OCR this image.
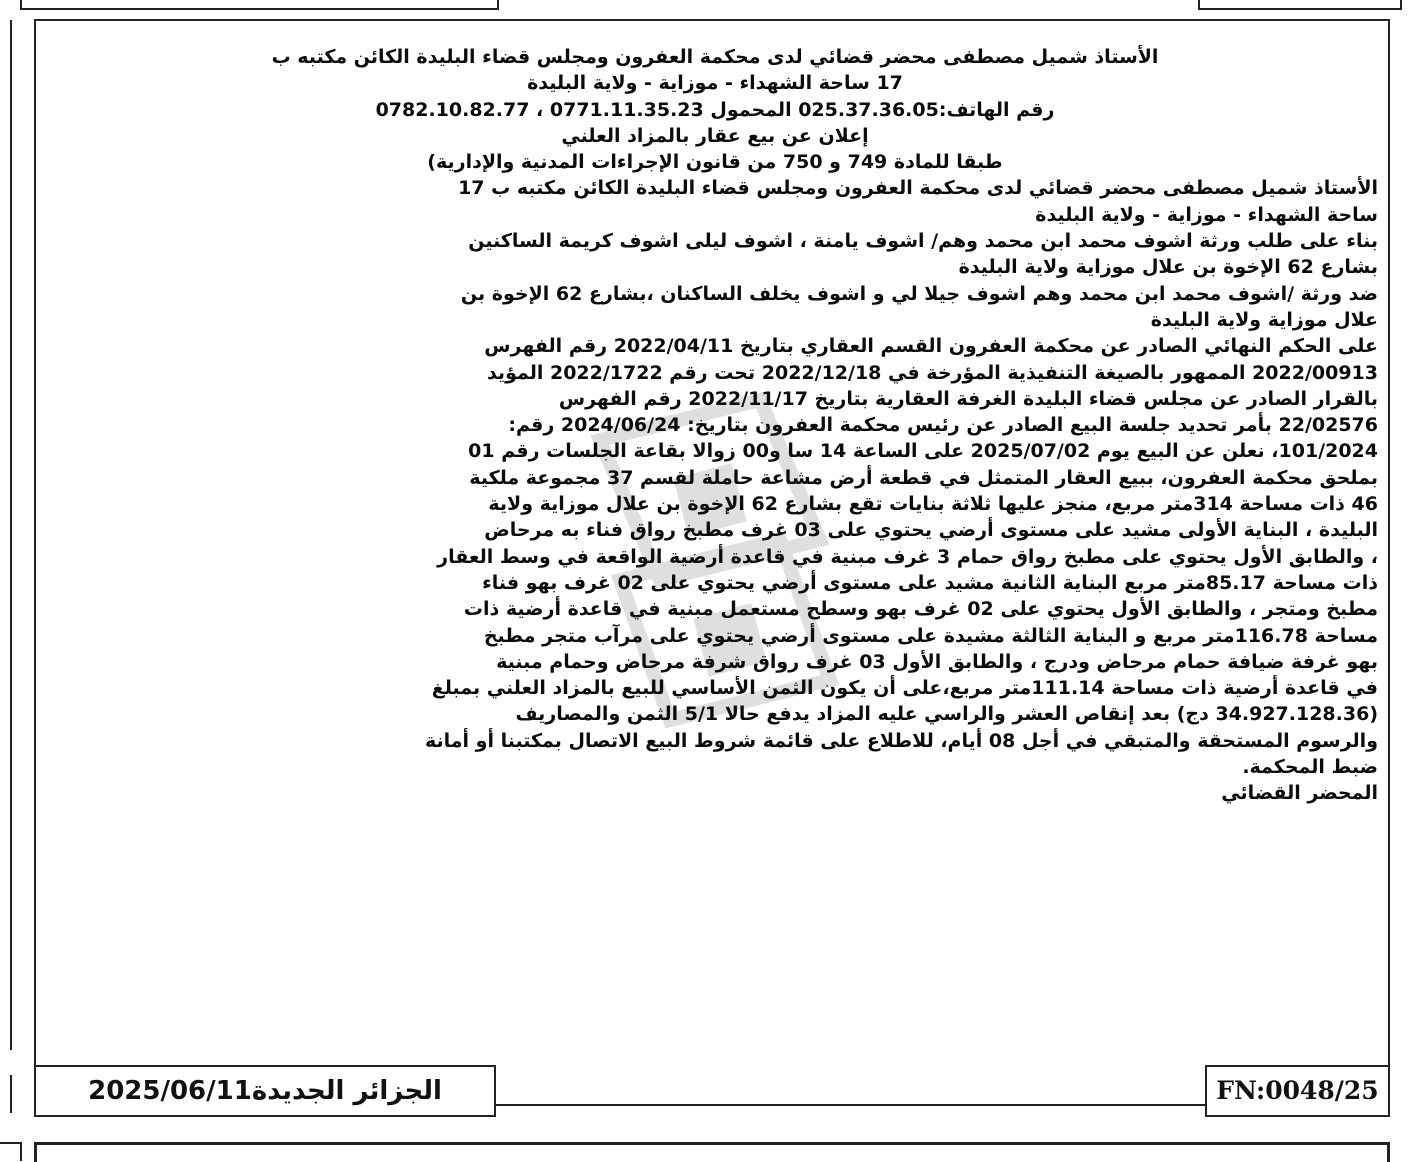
الأستاذ شميل مصطفى محضر قضائي لدى محكمة العفرون ومجلس قضاء البليدة الكائن مكتبه ب
17 ساحة الشهداء - موزاية - ولاية البليدة
رقم الهاتف:025.37.36.05 المحمول 0771.11.35.23 ، 0782.10.82.77
إعلان عن بيع عقار بالمزاد العلني
طبقا للمادة 749 و 750 من قانون الإجراءات المدنية والإدارية)
الأستاذ شميل مصطفى محضر قضائي لدى محكمة العفرون ومجلس قضاء البليدة الكائن مكتبه ب 17
ساحة الشهداء - موزاية - ولاية البليدة
بناء على طلب ورثة اشوف محمد ابن محمد وهم/ اشوف يامنة ، اشوف ليلى اشوف كريمة الساكنين
بشارع 62 الإخوة بن علال موزاية ولاية البليدة
ضد ورثة /اشوف محمد ابن محمد وهم اشوف جيلا لي و اشوف يخلف الساكنان ،بشارع 62 الإخوة بن
علال موزاية ولاية البليدة
على الحكم النهائي الصادر عن محكمة العفرون القسم العقاري بتاريخ 2022/04/11 رقم الفهرس
2022/00913 الممهور بالصيغة التنفيذية المؤرخة في 2022/12/18 تحت رقم 2022/1722 المؤيد
بالقرار الصادر عن مجلس قضاء البليدة الغرفة العقارية بتاريخ 2022/11/17 رقم الفهرس
22/02576 بأمر تحديد جلسة البيع الصادر عن رئيس محكمة العفرون بتاريخ: 2024/06/24 رقم:
101/2024، نعلن عن البيع يوم 2025/07/02 على الساعة 14 سا و00 زوالا بقاعة الجلسات رقم 01
بملحق محكمة العفرون، ببيع العقار المتمثل في قطعة أرض مشاعة حاملة لقسم 37 مجموعة ملكية
46 ذات مساحة 314متر مربع، منجز عليها ثلاثة بنايات تقع بشارع 62 الإخوة بن علال موزاية ولاية
البليدة ، البناية الأولى مشيد على مستوى أرضي يحتوي على 03 غرف مطبخ رواق فناء به مرحاض
، والطابق الأول يحتوي على مطبخ رواق حمام 3 غرف مبنية في قاعدة أرضية الواقعة في وسط العقار
ذات مساحة 85.17متر مربع البناية الثانية مشيد على مستوى أرضي يحتوي على 02 غرف بهو فناء
مطبخ ومتجر ، والطابق الأول يحتوي على 02 غرف بهو وسطح مستعمل مبنية في قاعدة أرضية ذات
مساحة 116.78متر مربع و البناية الثالثة مشيدة على مستوى أرضي يحتوي على مرآب متجر مطبخ
بهو غرفة ضيافة حمام مرحاض ودرج ، والطابق الأول 03 غرف رواق شرفة مرحاض وحمام مبنية
في قاعدة أرضية ذات مساحة 111.14متر مربع،على أن يكون الثمن الأساسي للبيع بالمزاد العلني بمبلغ
(34.927.128.36 دج) بعد إنقاص العشر والراسي عليه المزاد يدفع حالا 5/1 الثمن والمصاريف
والرسوم المستحقة والمتبقي في أجل 08 أيام، للاطلاع على قائمة شروط البيع الاتصال بمكتبنا أو أمانة
ضبط المحكمة.
المحضر القضائي
الجزائر الجديدة2025/06/11	FN:0048/25
